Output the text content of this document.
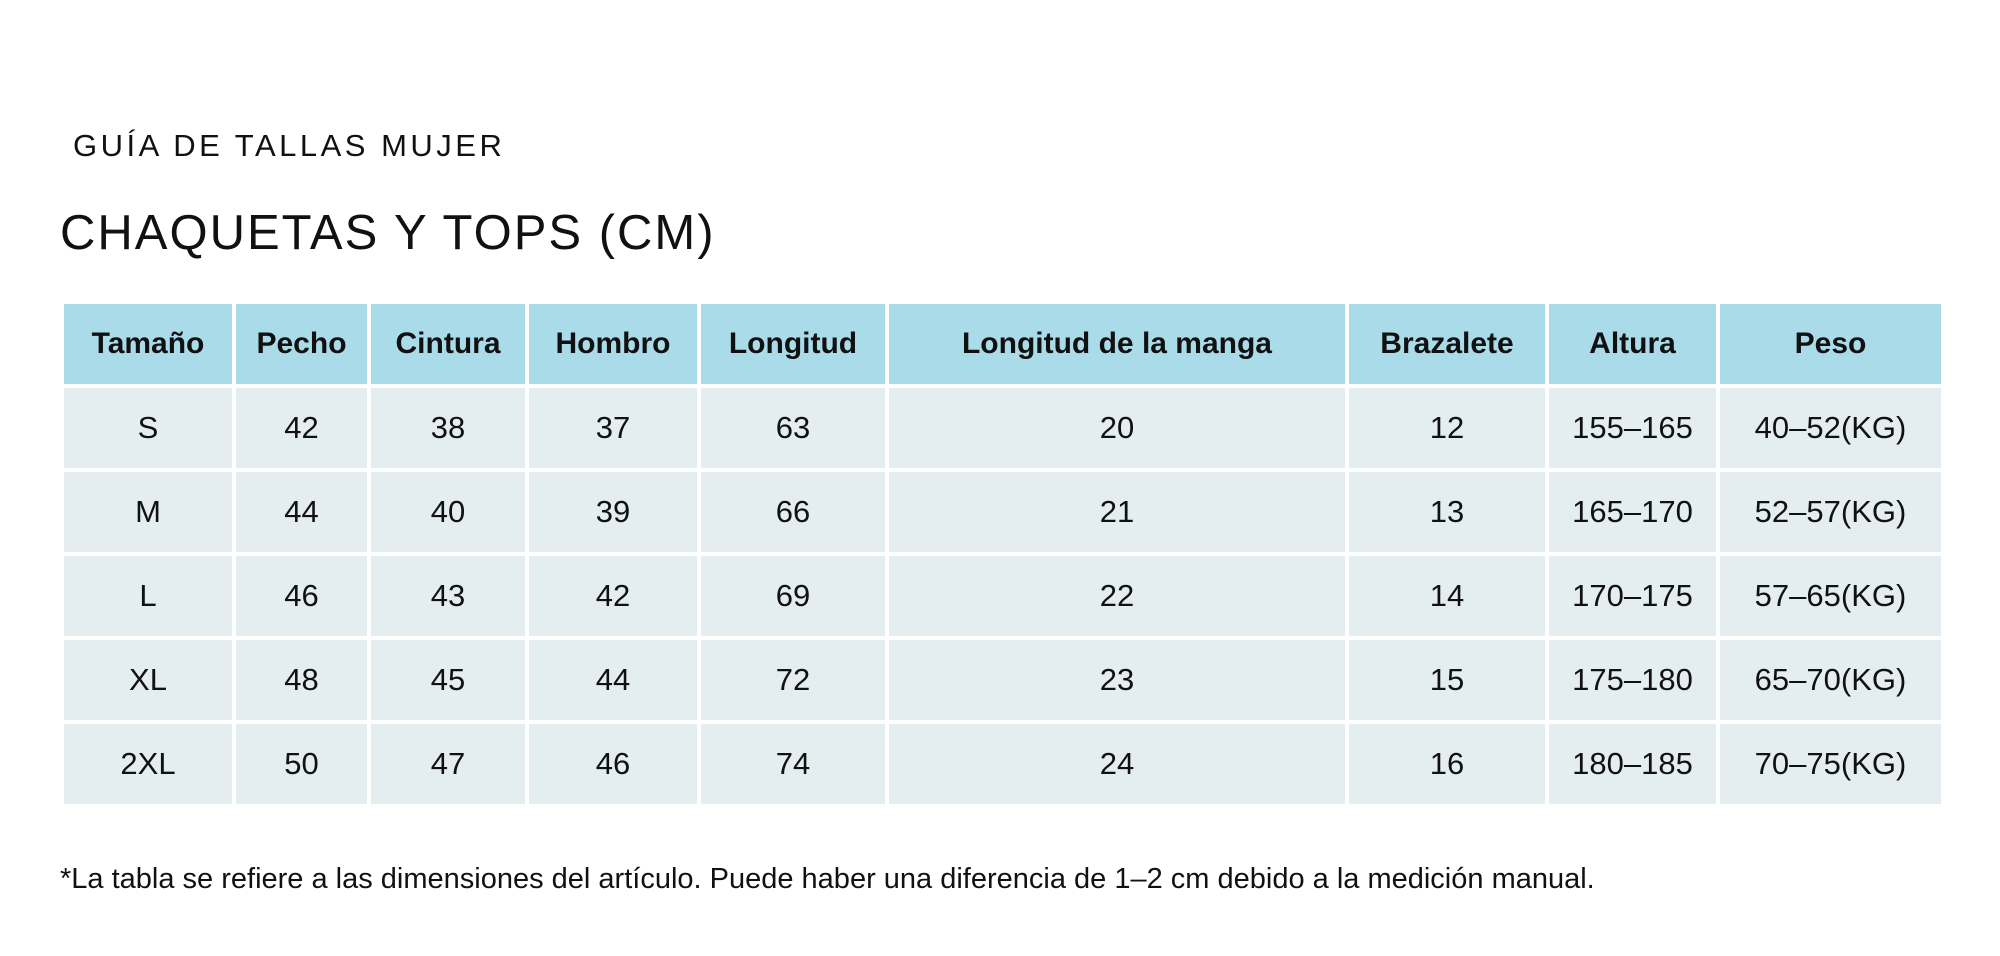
GUÍA DE TALLAS MUJER
CHAQUETAS Y TOPS (CM)
Tamaño	Pecho	Cintura	Hombro	Longitud	Longitud de la manga	Brazalete	Altura	Peso
S	42	38	37	63	20	12	155–165	40–52(KG)
M	44	40	39	66	21	13	165–170	52–57(KG)
L	46	43	42	69	22	14	170–175	57–65(KG)
XL	48	45	44	72	23	15	175–180	65–70(KG)
2XL	50	47	46	74	24	16	180–185	70–75(KG)
*La tabla se refiere a las dimensiones del artículo. Puede haber una diferencia de 1–2 cm debido a la medición manual.
